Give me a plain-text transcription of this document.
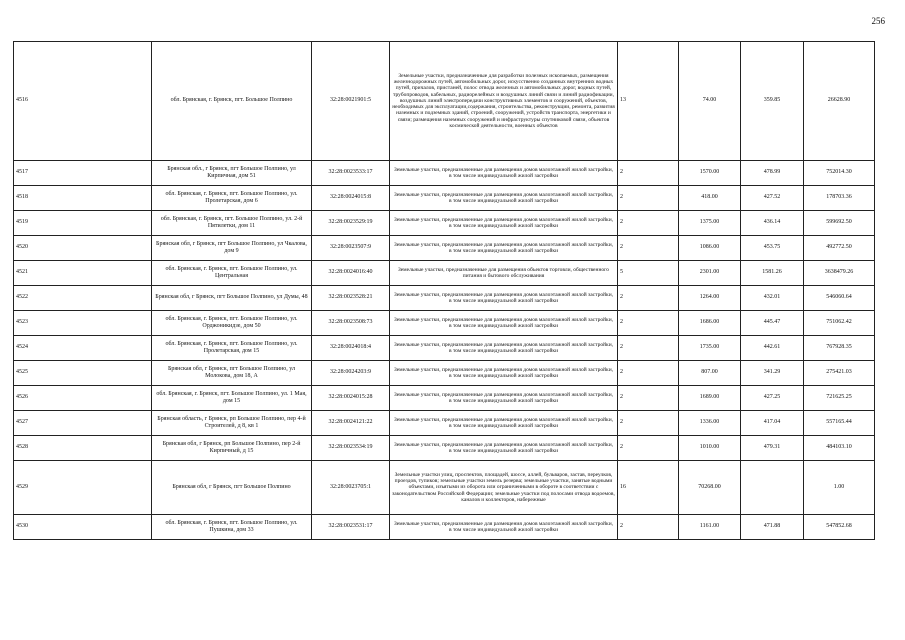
256
4516	обл. Брянская, г. Брянск, пгт. Большое Полпино	32:28:0021901:5	Земельные участки, предназначенные для разработки полезных ископаемых, размещения железнодорожных путей, автомобильных дорог, искусственно созданных внутренних водных путей, причалов, пристаней, полос отвода железных и автомобильных дорог, водных путей, трубопроводов, кабельных, радиорелейных и воздушных линий связи и линий радиофикации, воздушных линий электропередачи конструктивных элементов и сооружений, объектов, необходимых для эксплуатации,содержания, строительства, реконструкции, ремонта, развития наземных и подземных зданий, строений, сооружений, устройств транспорта, энергетики и связи; размещения наземных сооружений и инфраструктуры спутниковой связи, объектов космической деятельности, военных объектов	13	74.00	359.85	26628.90
4517	Брянская обл., г Брянск, пгт Большое Полпино, ул Кирпичная, дом 51	32:28:0023533:17	Земельные участки, предназначенные для размещения домов малоэтажной жилой застройки, в том числе индивидуальной жилой застройки	2	1570.00	478.99	752014.30
4518	обл. Брянская, г. Брянск, пгт. Большое Полпино, ул. Пролетарская, дом 6	32:28:0024015:8	Земельные участки, предназначенные для размещения домов малоэтажной жилой застройки, в том числе индивидуальной жилой застройки	2	418.00	427.52	178703.36
4519	обл. Брянская, г. Брянск, пгт. Большое Полпино, ул. 2-й Пятилетки, дом 11	32:28:0023529:19	Земельные участки, предназначенные для размещения домов малоэтажной жилой застройки, в том числе индивидуальной жилой застройки	2	1375.00	436.14	599692.50
4520	Брянская обл, г Брянск, пгт Большое Полпино, ул Чкалова, дом 9	32:28:0023507:9	Земельные участки, предназначенные для размещения домов малоэтажной жилой застройки, в том числе индивидуальной жилой застройки	2	1086.00	453.75	492772.50
4521	обл. Брянская, г. Брянск, пгт. Большое Полпино, ул. Центральная	32:28:0024016:40	Земельные участки, предназначенные для размещения объектов торговли, общественного питания и бытового обслуживания	5	2301.00	1581.26	3638479.26
4522	Брянская обл, г Брянск, пгт Большое Полпино, ул Думы, 48	32:28:0023528:21	Земельные участки, предназначенные для размещения домов малоэтажной жилой застройки, в том числе индивидуальной жилой застройки	2	1264.00	432.01	546060.64
4523	обл. Брянская, г. Брянск, пгт. Большое Полпино, ул. Орджоникидзе, дом 50	32:28:0023508:73	Земельные участки, предназначенные для размещения домов малоэтажной жилой застройки, в том числе индивидуальной жилой застройки	2	1686.00	445.47	751062.42
4524	обл. Брянская, г. Брянск, пгт. Большое Полпино, ул. Пролетарская, дом 15	32:28:0024018:4	Земельные участки, предназначенные для размещения домов малоэтажной жилой застройки, в том числе индивидуальной жилой застройки	2	1735.00	442.61	767928.35
4525	Брянская обл, г Брянск, пгт Большое Полпино, ул Молокова, дом 18, А	32:28:0024203:9	Земельные участки, предназначенные для размещения домов малоэтажной жилой застройки, в том числе индивидуальной жилой застройки	2	807.00	341.29	275421.03
4526	обл. Брянская, г. Брянск, пгт. Большое Полпино, ул. 1 Мая, дом 15	32:28:0024015:28	Земельные участки, предназначенные для размещения домов малоэтажной жилой застройки, в том числе индивидуальной жилой застройки	2	1689.00	427.25	721625.25
4527	Брянская область, г Брянск, рп Большое Полпино, пер 4-й Строителей, д 8, кв 1	32:28:0024121:22	Земельные участки, предназначенные для размещения домов малоэтажной жилой застройки, в том числе индивидуальной жилой застройки	2	1336.00	417.04	557165.44
4528	Брянская обл, г Брянск, рп Большое Полпино, пер 2-й Кирпичный, д 15	32:28:0023534:19	Земельные участки, предназначенные для размещения домов малоэтажной жилой застройки, в том числе индивидуальной жилой застройки	2	1010.00	479.31	484103.10
4529	Брянская обл, г Брянск, пгт Большое Полпино	32:28:0023705:1	Земельные участки улиц, проспектов, площадей, шоссе, аллей, бульваров, застав, переулков, проездов, тупиков; земельные участки земель резерва; земельные участки, занятые водными объектами, изъятыми из оборота или ограниченными в обороте в соответствии с законодательством Российской Федерации; земельные участки под полосами отвода водоемов, каналов и коллекторов, набережные	16	70268.00		1.00
4530	обл. Брянская, г. Брянск, пгт. Большое Полпино, ул. Пушкина, дом 33	32:28:0023531:17	Земельные участки, предназначенные для размещения домов малоэтажной жилой застройки, в том числе индивидуальной жилой застройки	2	1161.00	471.88	547852.68
